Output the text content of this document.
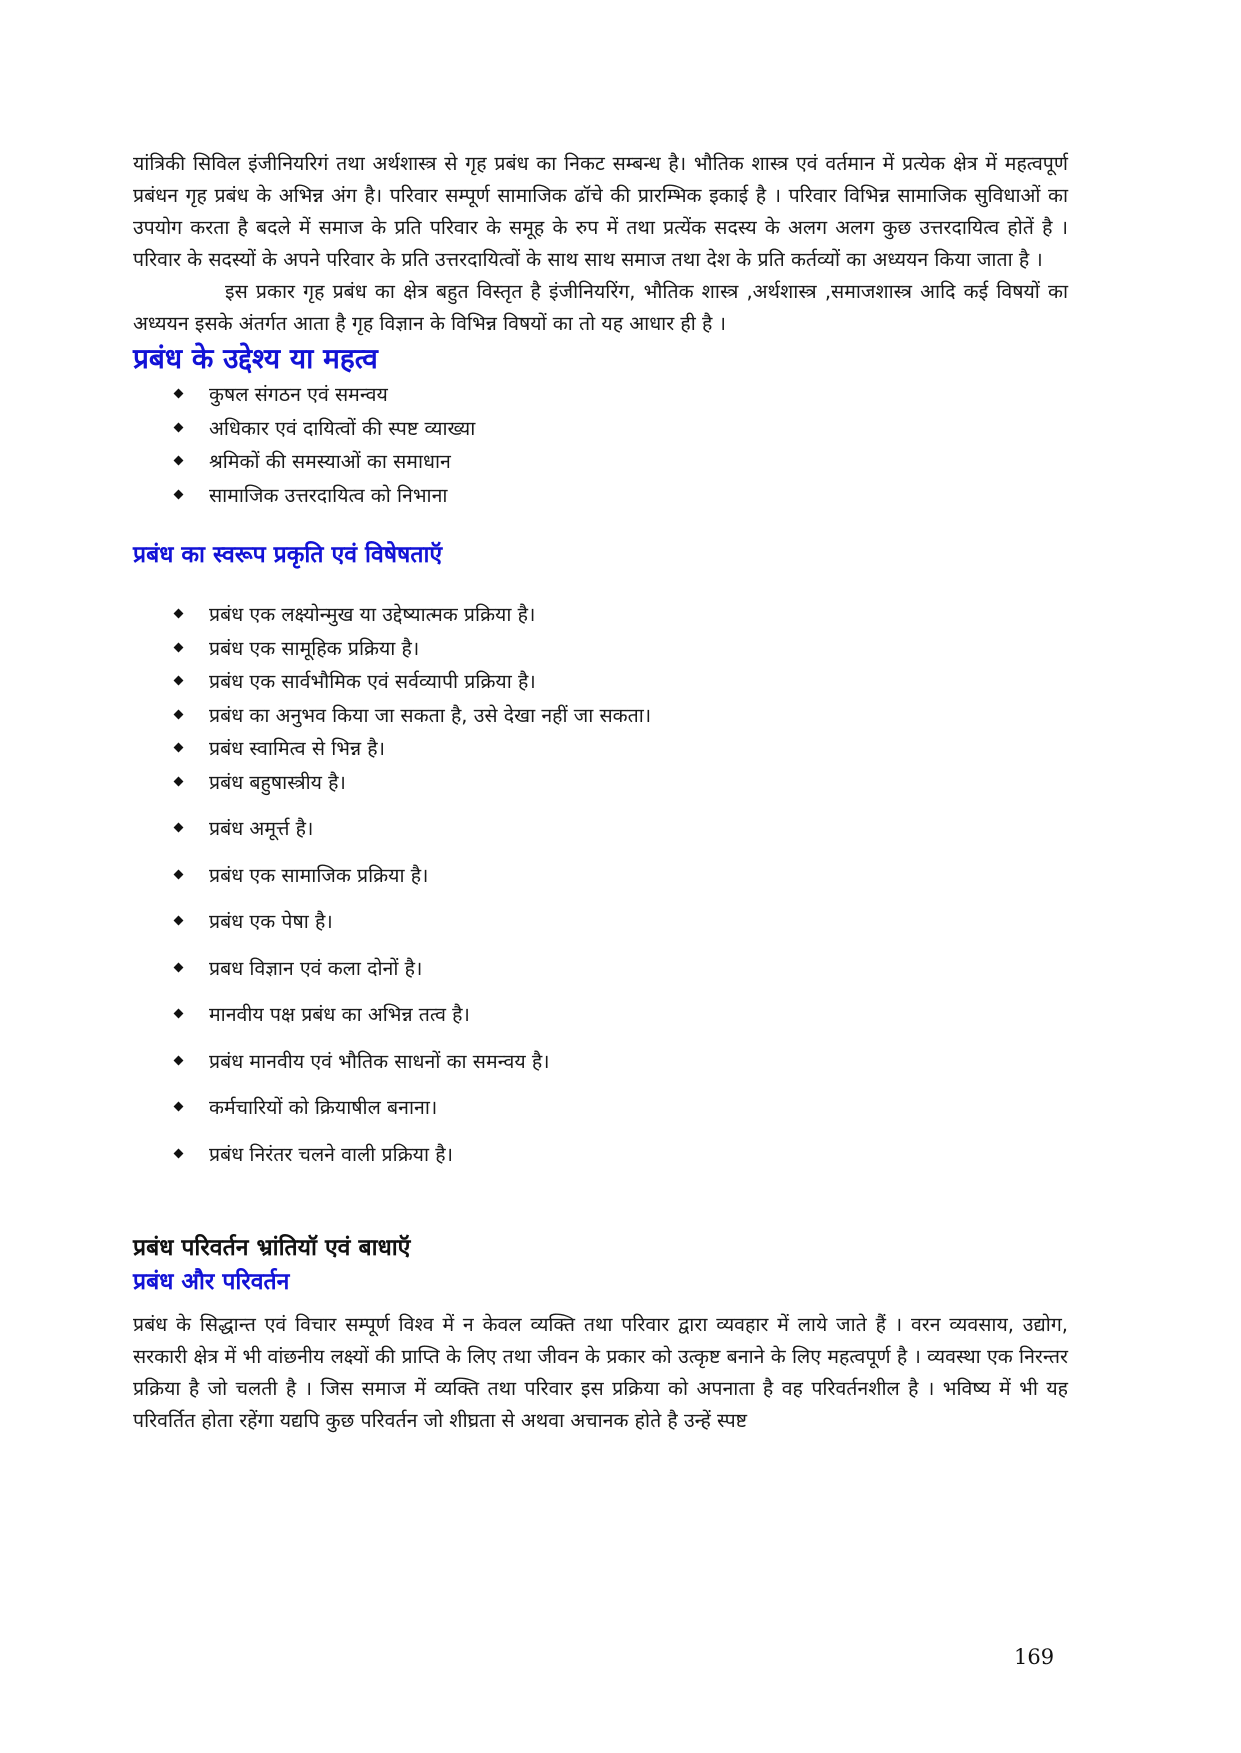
यांत्रिकी सिविल इंजीनियरिगं तथा अर्थशास्त्र से गृह प्रबंध का निकट सम्बन्ध है। भौतिक शास्त्र एवं वर्तमान में प्रत्येक क्षेत्र में महत्वपूर्ण प्रबंधन गृह प्रबंध के अभिन्न अंग है। परिवार सम्पूर्ण सामाजिक ढॉचे की प्रारम्भिक इकाई है । परिवार विभिन्न सामाजिक सुविधाओं का उपयोग करता है बदले में समाज के प्रति परिवार के समूह के रुप में तथा प्रत्येंक सदस्य के अलग अलग कुछ उत्तरदायित्व होतें है । परिवार के सदस्यों के अपने परिवार के प्रति उत्तरदायित्वों के साथ साथ समाज तथा देश के प्रति कर्तव्यों का अध्ययन किया जाता है ।

इस प्रकार गृह प्रबंध का क्षेत्र बहुत विस्तृत है इंजीनियरिंग, भौतिक शास्त्र ,अर्थशास्त्र ,समाजशास्त्र आदि कई विषयों का अध्ययन इसके अंतर्गत आता है गृह विज्ञान के विभिन्न विषयों का तो यह आधार ही है ।

प्रबंध के उद्देश्य या महत्व
कुषल संगठन एवं समन्वय
अधिकार एवं दायित्वों की स्पष्ट व्याख्या
श्रमिकों की समस्याओं का समाधान
सामाजिक उत्तरदायित्व को निभाना
प्रबंध का स्वरूप प्रकृति एवं विषेषताऍ
प्रबंध एक लक्ष्योन्मुख या उद्देष्यात्मक प्रक्रिया है।
प्रबंध एक सामूहिक प्रक्रिया है।
प्रबंध एक सार्वभौमिक एवं सर्वव्यापी प्रक्रिया है।
प्रबंध का अनुभव किया जा सकता है, उसे देखा नहीं जा सकता।
प्रबंध स्वामित्व से भिन्न है।
प्रबंध बहुषास्त्रीय है।
प्रबंध अमूर्त्त है।
प्रबंध एक सामाजिक प्रक्रिया है।
प्रबंध एक पेषा है।
प्रबध विज्ञान एवं कला दोनों है।
मानवीय पक्ष प्रबंध का अभिन्न तत्व है।
प्रबंध मानवीय एवं भौतिक साधनों का समन्वय है।
कर्मचारियों को क्रियाषील बनाना।
प्रबंध निरंतर चलने वाली प्रक्रिया है।
प्रबंध परिवर्तन भ्रांतियॉ एवं बाधाऍ
प्रबंध और परिवर्तन

प्रबंध के सिद्धान्त एवं विचार सम्पूर्ण विश्व में न केवल व्यक्ति तथा परिवार द्वारा व्यवहार में लाये जाते हैं । वरन व्यवसाय, उद्योग, सरकारी क्षेत्र में भी वांछनीय लक्ष्यों की प्राप्ति के लिए तथा जीवन के प्रकार को उत्कृष्ट बनाने के लिए महत्वपूर्ण है । व्यवस्था एक निरन्तर प्रक्रिया है जो चलती है । जिस समाज में व्यक्ति तथा परिवार इस प्रक्रिया को अपनाता है वह परिवर्तनशील है । भविष्य में भी यह परिवर्तित होता रहेंगा यद्यपि कुछ परिवर्तन जो शीघ्रता से अथवा अचानक होते है उन्हें स्पष्ट

169
